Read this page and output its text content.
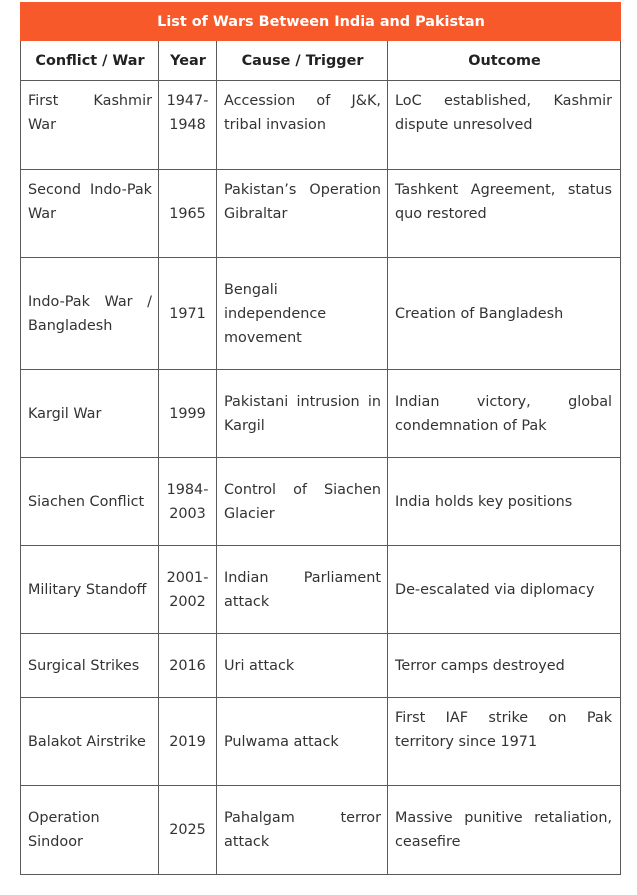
List of Wars Between India and Pakistan			
Conflict / War	Year	Cause / Trigger	Outcome
First Kashmir War	1947-1948	Accession of J&K, tribal invasion	LoC established, Kashmir dispute unresolved
Second Indo-Pak War	1965	Pakistan’s Operation Gibraltar	Tashkent Agreement, status quo restored
Indo-Pak War / Bangladesh	1971	Bengali independence movement	Creation of Bangladesh
Kargil War	1999	Pakistani intrusion in Kargil	Indian victory, global condemnation of Pak
Siachen Conflict	1984-2003	Control of Siachen Glacier	India holds key positions
Military Standoff	2001-2002	Indian Parliament attack	De-escalated via diplomacy
Surgical Strikes	2016	Uri attack	Terror camps destroyed
Balakot Airstrike	2019	Pulwama attack	First IAF strike on Pak territory since 1971
Operation Sindoor	2025	Pahalgam terror attack	Massive punitive retaliation, ceasefire
